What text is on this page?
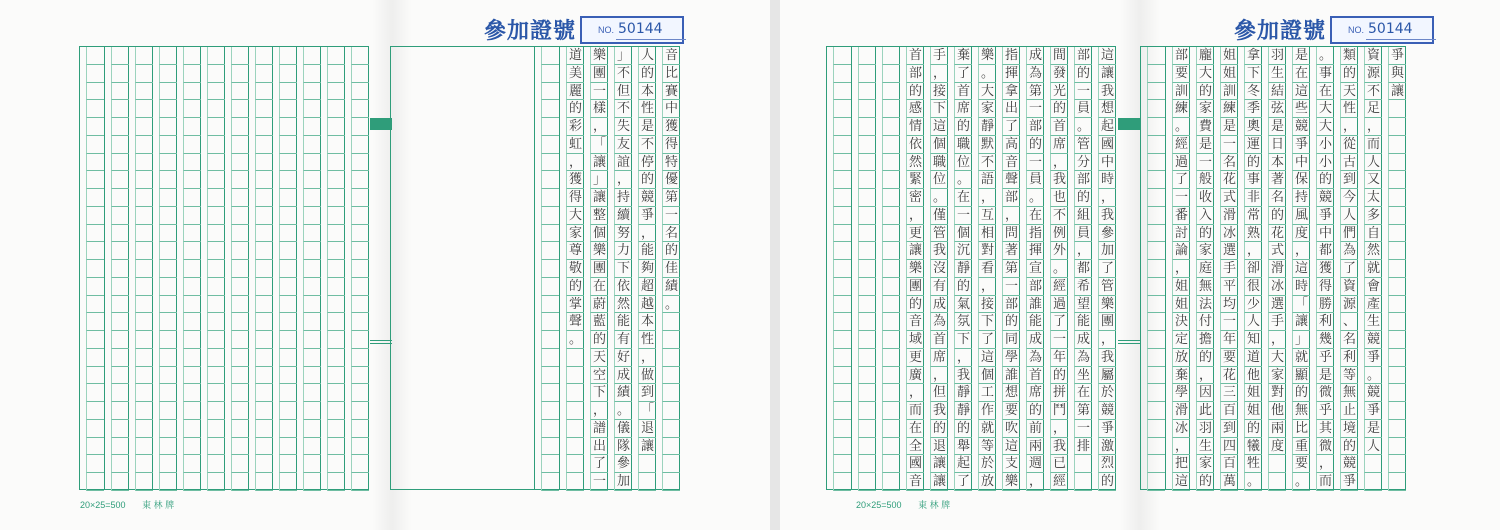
參加證號 NO. 50144
音
比
賽
中
獲
得
特
優
第
一
名
的
佳
績
。
人
的
本
性
是
不
停
的
競
爭
，
能
夠
超
越
本
性
，
做
到
「
退
讓
」
不
但
不
失
友
誼
，
持
續
努
力
下
依
然
能
有
好
成
績
。
儀
隊
參
加
樂
團
一
樣
，
「
讓
」
讓
整
個
樂
團
在
蔚
藍
的
天
空
下
，
譜
出
了
一
道
美
麗
的
彩
虹
，
獲
得
大
家
尊
敬
的
掌
聲
。
20×25=500 東 林 牌
參加證號 NO. 50144
爭
與
讓
資
源
不
足
，
而
人
又
太
多
自
然
就
會
產
生
競
爭
。
競
爭
是
人
類
的
天
性
，
從
古
到
今
人
們
為
了
資
源
、
名
利
等
無
止
境
的
競
爭
。
事
在
大
大
小
小
的
競
爭
中
都
獲
得
勝
利
幾
乎
是
微
乎
其
微
，
而
是
在
這
些
競
爭
中
保
持
風
度
，
這
時
「
讓
」
就
顯
的
無
比
重
要
。
羽
生
結
弦
是
日
本
著
名
的
花
式
滑
冰
選
手
，
大
家
對
他
兩
度
拿
下
冬
季
奧
運
的
事
非
常
熟
，
卻
很
少
人
知
道
他
姐
姐
的
犧
牲
。
姐
姐
訓
練
是
一
名
花
式
滑
冰
選
手
平
均
一
年
要
花
三
百
到
四
百
萬
龐
大
的
家
費
是
一
般
收
入
的
家
庭
無
法
付
擔
的
，
因
此
羽
生
家
的
部
要
訓
練
。
經
過
了
一
番
討
論
，
姐
姐
決
定
放
棄
學
滑
冰
，
把
這
這
讓
我
想
起
國
中
時
，
我
參
加
了
管
樂
團
，
我
屬
於
競
爭
激
烈
的
部
的
一
員
。
管
分
部
的
組
員
，
都
希
望
能
成
為
坐
在
第
一
排
間
發
光
的
首
席
，
我
也
不
例
外
。
經
過
了
一
年
的
拼
鬥
，
我
已
經
成
為
第
一
部
的
一
員
。
在
指
揮
宣
部
誰
能
成
為
首
席
的
前
兩
週
，
指
揮
拿
出
了
高
音
聲
部
，
問
著
第
一
部
的
同
學
誰
想
要
吹
這
支
樂
樂
。
大
家
靜
默
不
語
，
互
相
對
看
，
接
下
了
這
個
工
作
就
等
於
放
棄
了
首
席
的
職
位
。
在
一
個
沉
靜
的
氣
氛
下
，
我
靜
靜
的
舉
起
了
手
，
接
下
這
個
職
位
。
僅
管
我
沒
有
成
為
首
席
，
但
我
的
退
讓
讓
首
部
的
感
情
依
然
緊
密
，
更
讓
樂
團
的
音
域
更
廣
，
而
在
全
國
音
20×25=500 東 林 牌
